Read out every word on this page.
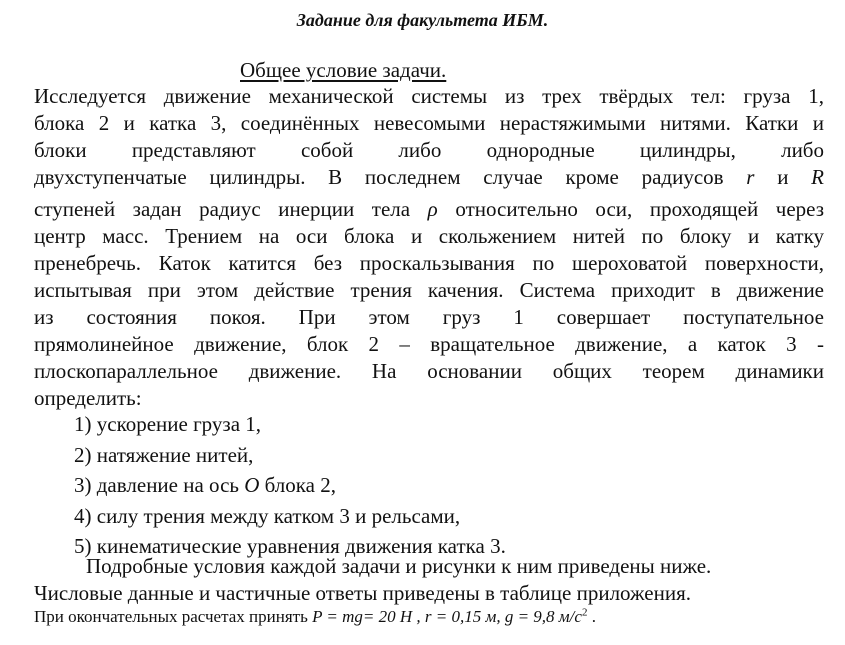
Задание для факультета ИБМ.
Общее условие задачи.
Исследуется движение механической системы из трех твёрдых тел: груза 1,
блока 2 и катка 3, соединённых невесомыми нерастяжимыми нитями. Катки и
блоки представляют собой либо однородные цилиндры, либо
двухступенчатые цилиндры. В последнем случае кроме радиусов r и R
ступеней задан радиус инерции тела ρ относительно оси, проходящей через
центр масс. Трением на оси блока и скольжением нитей по блоку и катку
пренебречь. Каток катится без проскальзывания по шероховатой поверхности,
испытывая при этом действие трения качения. Система приходит в движение
из состояния покоя. При этом груз 1 совершает поступательное
прямолинейное движение, блок 2 – вращательное движение, а каток 3 -
плоскопараллельное движение. На основании общих теорем динамики
определить:
1) ускорение груза 1,
2) натяжение нитей,
3) давление на ось O блока 2,
4) силу трения между катком 3 и рельсами,
5) кинематические уравнения движения катка 3.
Подробные условия каждой задачи и рисунки к ним приведены ниже.
Числовые данные и частичные ответы приведены в таблице приложения.
При окончательных расчетах принять P = mg= 20 Н , r = 0,15 м, g = 9,8 $м/с^2$ .
